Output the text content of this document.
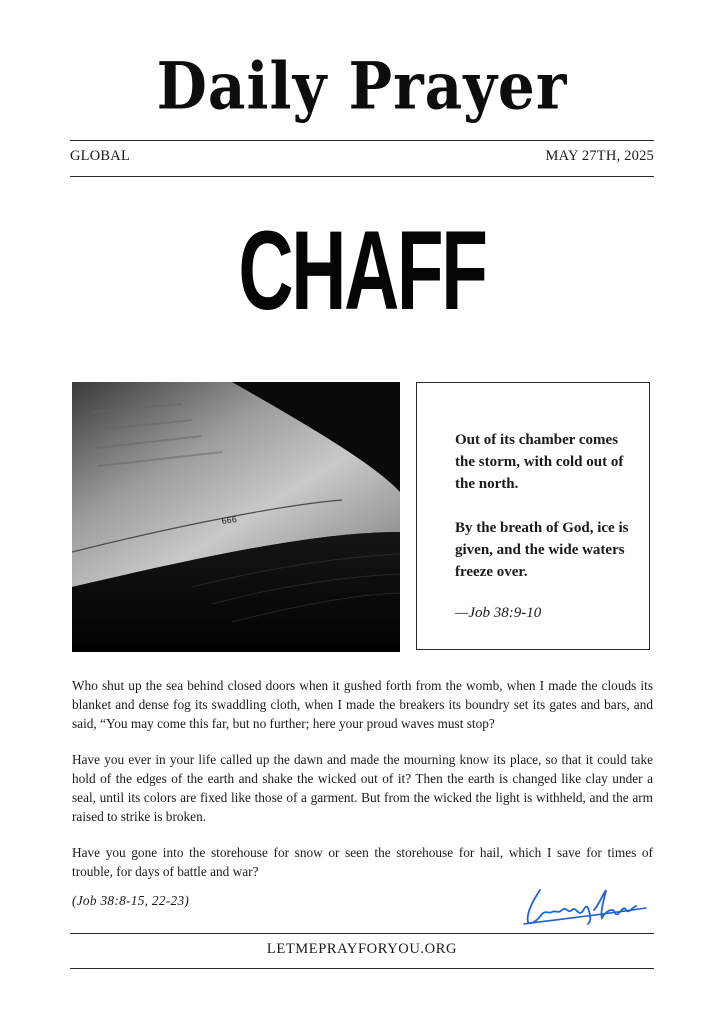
Daily Prayer
GLOBAL	MAY 27TH, 2025
CHAFF
666

Out of its chamber comes the storm, with cold out of the north.

By the breath of God, ice is given, and the wide waters freeze over.

—Job 38:9-10

Who shut up the sea behind closed doors when it gushed forth from the womb, when I made the clouds its blanket and dense fog its swaddling cloth, when I made the breakers its boundry set its gates and bars, and said, “You may come this far, but no further; here your proud waves must stop?

Have you ever in your life called up the dawn and made the mourning know its place, so that it could take hold of the edges of the earth and shake the wicked out of it? Then the earth is changed like clay under a seal, until its colors are fixed like those of a garment. But from the wicked the light is withheld, and the arm raised to strike is broken.

Have you gone into the storehouse for snow or seen the storehouse for hail, which I save for times of trouble, for days of battle and war?

(Job 38:8-15, 22-23)
LETMEPRAYFORYOU.ORG
